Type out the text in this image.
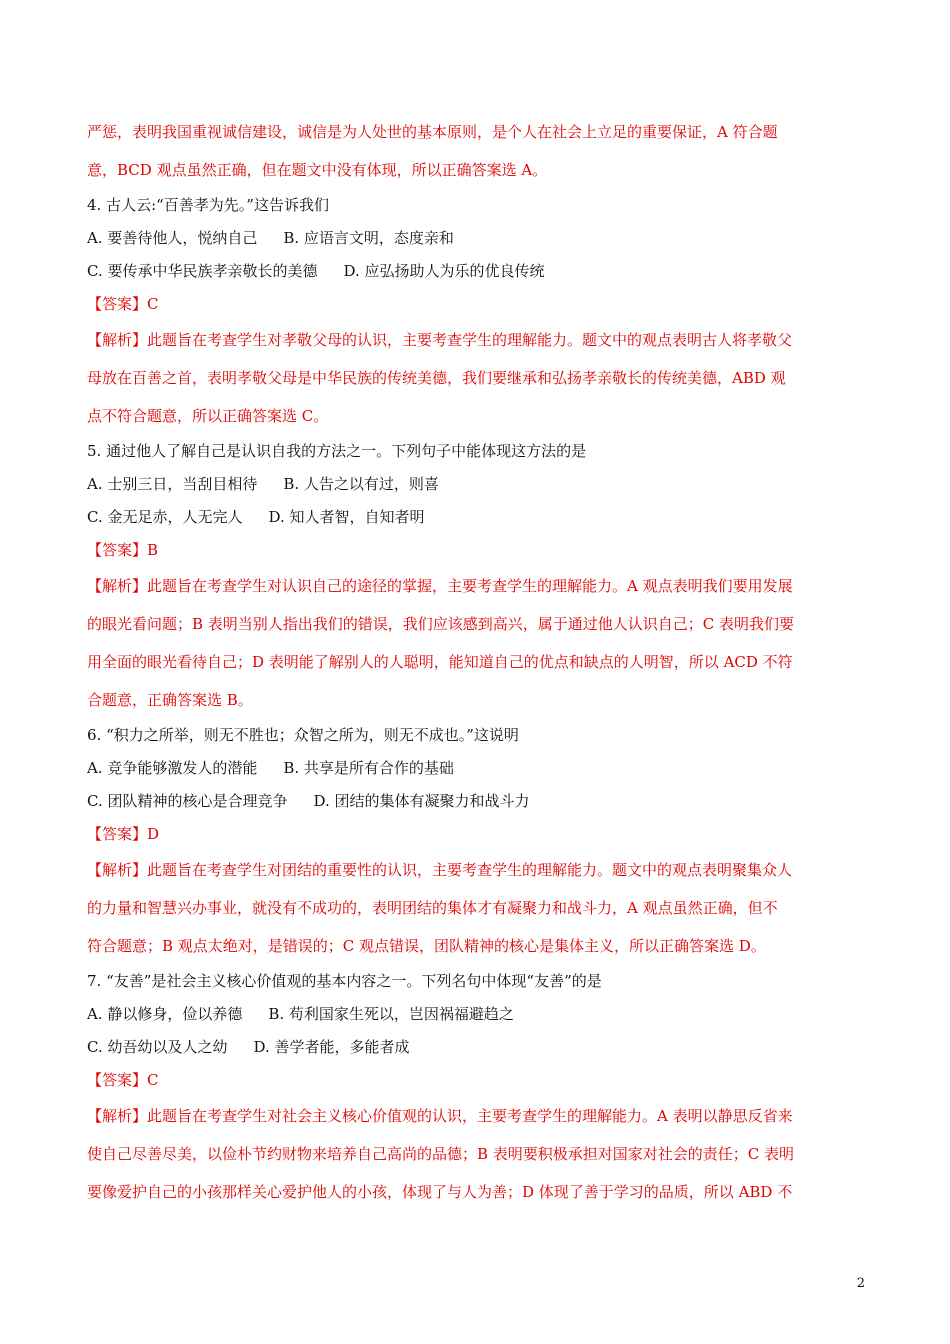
严惩，表明我国重视诚信建设，诚信是为人处世的基本原则，是个人在社会上立足的重要保证，A 符合题
意，BCD 观点虽然正确，但在题文中没有体现，所以正确答案选 A。
4. 古人云:“百善孝为先。”这告诉我们
A. 要善待他人，悦纳自己 B. 应语言文明，态度亲和
C. 要传承中华民族孝亲敬长的美德 D. 应弘扬助人为乐的优良传统
【答案】C
【解析】此题旨在考查学生对孝敬父母的认识，主要考查学生的理解能力。题文中的观点表明古人将孝敬父
母放在百善之首，表明孝敬父母是中华民族的传统美德，我们要继承和弘扬孝亲敬长的传统美德，ABD 观
点不符合题意，所以正确答案选 C。
5. 通过他人了解自己是认识自我的方法之一。下列句子中能体现这方法的是
A. 士别三日，当刮目相待 B. 人告之以有过，则喜
C. 金无足赤，人无完人 D. 知人者智，自知者明
【答案】B
【解析】此题旨在考查学生对认识自己的途径的掌握，主要考查学生的理解能力。A 观点表明我们要用发展
的眼光看问题；B 表明当别人指出我们的错误，我们应该感到高兴，属于通过他人认识自己；C 表明我们要
用全面的眼光看待自己；D 表明能了解别人的人聪明，能知道自己的优点和缺点的人明智，所以 ACD 不符
合题意，正确答案选 B。
6. “积力之所举，则无不胜也；众智之所为，则无不成也。”这说明
A. 竞争能够激发人的潜能 B. 共享是所有合作的基础
C. 团队精神的核心是合理竞争 D. 团结的集体有凝聚力和战斗力
【答案】D
【解析】此题旨在考查学生对团结的重要性的认识，主要考查学生的理解能力。题文中的观点表明聚集众人
的力量和智慧兴办事业，就没有不成功的，表明团结的集体才有凝聚力和战斗力，A 观点虽然正确，但不
符合题意；B 观点太绝对，是错误的；C 观点错误，团队精神的核心是集体主义，所以正确答案选 D。
7. “友善”是社会主义核心价值观的基本内容之一。下列名句中体现“友善”的是
A. 静以修身，俭以养德 B. 苟利国家生死以，岂因祸福避趋之
C. 幼吾幼以及人之幼 D. 善学者能，多能者成
【答案】C
【解析】此题旨在考查学生对社会主义核心价值观的认识，主要考查学生的理解能力。A 表明以静思反省来
使自己尽善尽美，以俭朴节约财物来培养自己高尚的品德；B 表明要积极承担对国家对社会的责任；C 表明
要像爱护自己的小孩那样关心爱护他人的小孩，体现了与人为善；D 体现了善于学习的品质，所以 ABD 不
2
